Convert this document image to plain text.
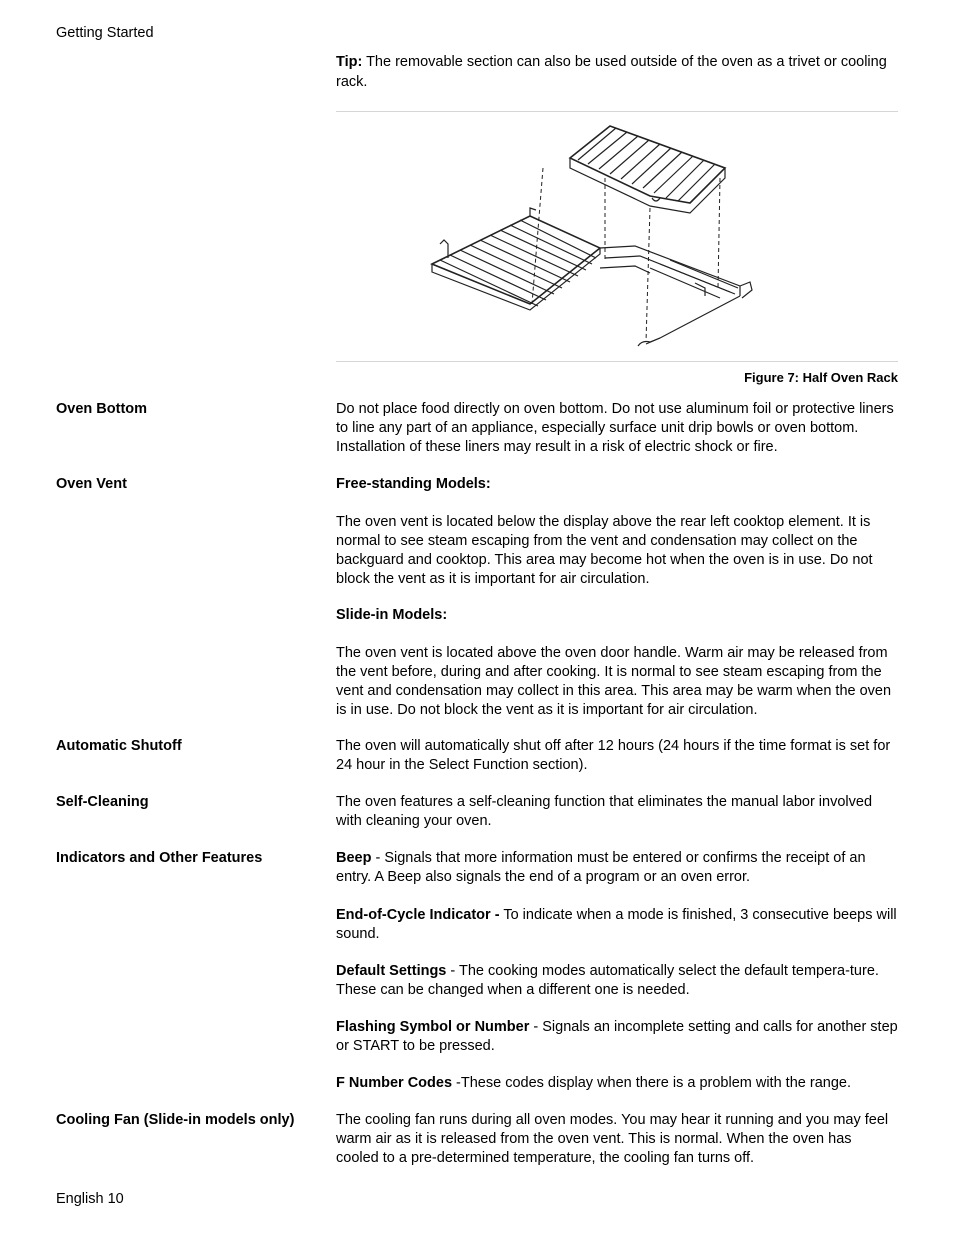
Getting Started
Tip: The removable section can also be used outside of the oven as a trivet or cooling rack.
Figure 7: Half Oven Rack
Oven Bottom	Do not place food directly on oven bottom. Do not use aluminum foil or protective liners to line any part of an appliance, especially surface unit drip bowls or oven bottom. Installation of these liners may result in a risk of electric shock or fire.
Oven Vent	Free-standing Models:
The oven vent is located below the display above the rear left cooktop element. It is normal to see steam escaping from the vent and condensation may collect on the backguard and cooktop. This area may become hot when the oven is in use. Do not block the vent as it is important for air circulation.
Slide-in Models:
The oven vent is located above the oven door handle. Warm air may be released from the vent before, during and after cooking. It is normal to see steam escaping from the vent and condensation may collect in this area. This area may be warm when the oven is in use. Do not block the vent as it is important for air circulation.
Automatic Shutoff	The oven will automatically shut off after 12 hours (24 hours if the time format is set for 24 hour in the Select Function section).
Self-Cleaning	The oven features a self-cleaning function that eliminates the manual labor involved with cleaning your oven.
Indicators and Other Features	Beep - Signals that more information must be entered or confirms the receipt of an entry. A Beep also signals the end of a program or an oven error.
End-of-Cycle Indicator - To indicate when a mode is finished, 3 consecutive beeps will sound.
Default Settings - The cooking modes automatically select the default tempera-ture. These can be changed when a different one is needed.
Flashing Symbol or Number - Signals an incomplete setting and calls for another step or START to be pressed.
F Number Codes -These codes display when there is a problem with the range.
Cooling Fan (Slide-in models only)	The cooling fan runs during all oven modes. You may hear it running and you may feel warm air as it is released from the oven vent. This is normal. When the oven has cooled to a pre-determined temperature, the cooling fan turns off.
English 10
